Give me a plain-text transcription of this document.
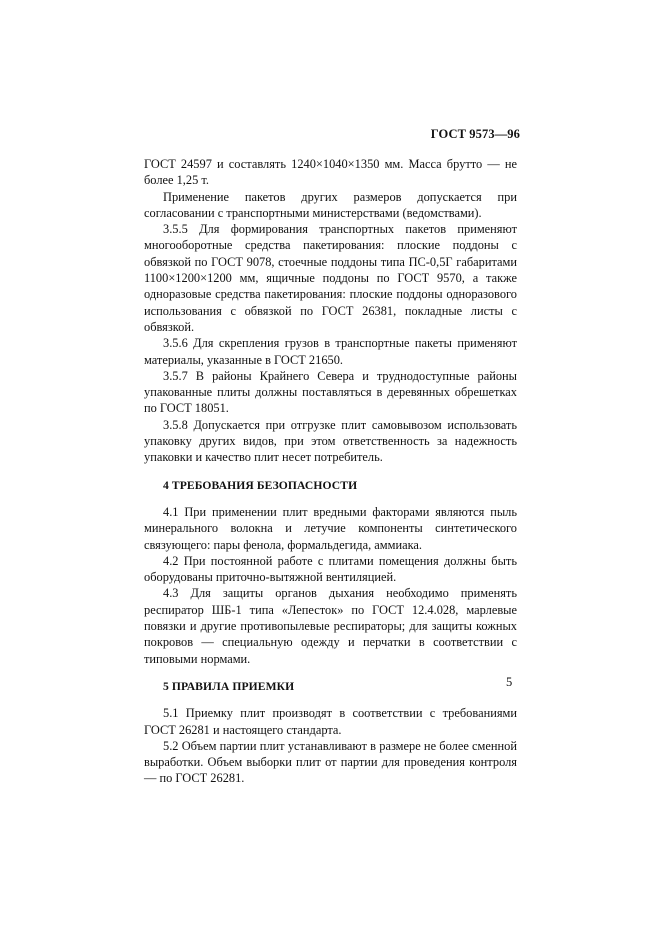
ГОСТ 9573—96

ГОСТ 24597 и составлять 1240×1040×1350 мм. Масса брутто — не более 1,25 т.

Применение пакетов других размеров допускается при согласовании с транспортными министерствами (ведомствами).

3.5.5 Для формирования транспортных пакетов применяют многооборотные средства пакетирования: плоские поддоны с обвязкой по ГОСТ 9078, стоечные поддоны типа ПС-0,5Г габаритами 1100×1200×1200 мм, ящичные поддоны по ГОСТ 9570, а также одноразовые средства пакетирования: плоские поддоны одноразового использования с обвязкой по ГОСТ 26381, покладные листы с обвязкой.

3.5.6 Для скрепления грузов в транспортные пакеты применяют материалы, указанные в ГОСТ 21650.

3.5.7 В районы Крайнего Севера и труднодоступные районы упакованные плиты должны поставляться в деревянных обрешетках по ГОСТ 18051.

3.5.8 Допускается при отгрузке плит самовывозом использовать упаковку других видов, при этом ответственность за надежность упаковки и качество плит несет потребитель.

4 ТРЕБОВАНИЯ БЕЗОПАСНОСТИ

4.1 При применении плит вредными факторами являются пыль минерального волокна и летучие компоненты синтетического связующего: пары фенола, формальдегида, аммиака.

4.2 При постоянной работе с плитами помещения должны быть оборудованы приточно-вытяжной вентиляцией.

4.3 Для защиты органов дыхания необходимо применять респиратор ШБ-1 типа «Лепесток» по ГОСТ 12.4.028, марлевые повязки и другие противопылевые респираторы; для защиты кожных покровов — специальную одежду и перчатки в соответствии с типовыми нормами.

5 ПРАВИЛА ПРИЕМКИ

5.1 Приемку плит производят в соответствии с требованиями ГОСТ 26281 и настоящего стандарта.

5.2 Объем партии плит устанавливают в размере не более сменной выработки. Объем выборки плит от партии для проведения контроля — по ГОСТ 26281.

5
